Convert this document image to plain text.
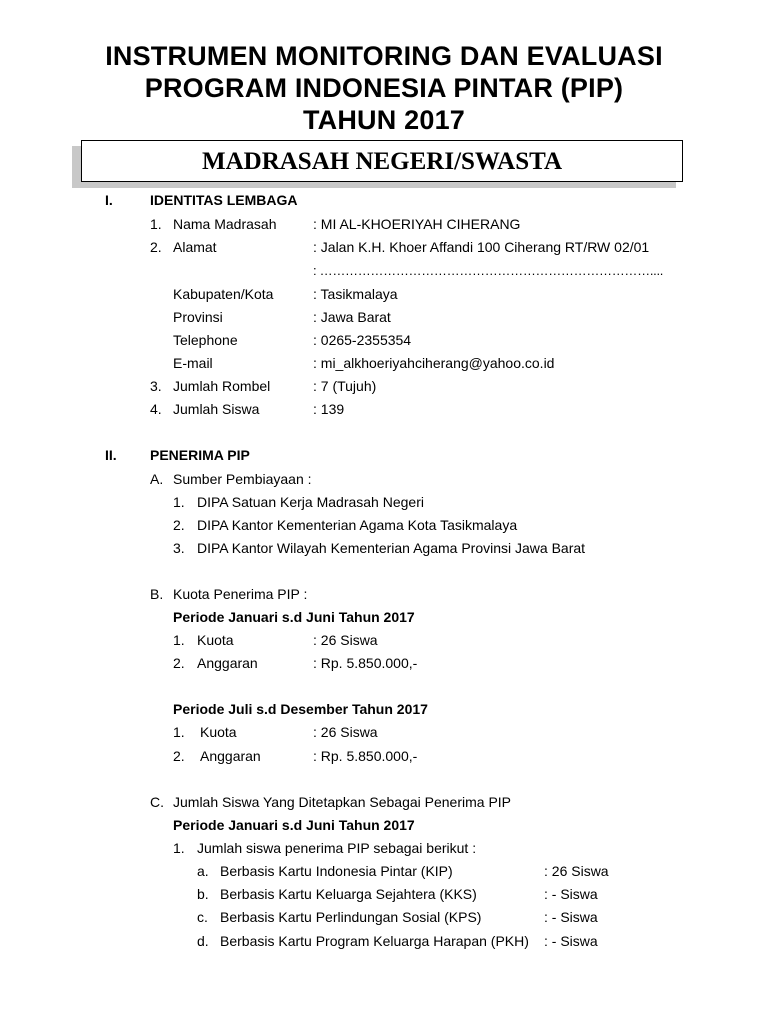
INSTRUMEN MONITORING DAN EVALUASI
PROGRAM INDONESIA PINTAR (PIP)
TAHUN 2017
MADRASAH NEGERI/SWASTA
I.	IDENTITAS LEMBAGA
1. Nama Madrasah	: MI AL-KHOERIYAH CIHERANG
2. Alamat	: Jalan K.H. Khoer Affandi 100 Ciherang RT/RW 02/01
: ……………………………………………………………………....
Kabupaten/Kota	: Tasikmalaya
Provinsi	: Jawa Barat
Telephone	: 0265-2355354
E-mail	: mi_alkhoeriyahciherang@yahoo.co.id
3. Jumlah Rombel	: 7 (Tujuh)
4. Jumlah Siswa	: 139
II. PENERIMA PIP
A. Sumber Pembiayaan :
1. DIPA Satuan Kerja Madrasah Negeri
2. DIPA Kantor Kementerian Agama Kota Tasikmalaya
3. DIPA Kantor Wilayah Kementerian Agama Provinsi Jawa Barat
B. Kuota Penerima PIP :
Periode Januari s.d Juni Tahun 2017
1. Kuota	: 26 Siswa
2. Anggaran	: Rp. 5.850.000,-
Periode Juli s.d Desember Tahun 2017
1. Kuota	: 26 Siswa
2. Anggaran	: Rp. 5.850.000,-
C. Jumlah Siswa Yang Ditetapkan Sebagai Penerima PIP
Periode Januari s.d Juni Tahun 2017
1. Jumlah siswa penerima PIP sebagai berikut :
a. Berbasis Kartu Indonesia Pintar (KIP)	: 26 Siswa
b. Berbasis Kartu Keluarga Sejahtera (KKS)	: - Siswa
c. Berbasis Kartu Perlindungan Sosial (KPS)	: - Siswa
d. Berbasis Kartu Program Keluarga Harapan (PKH) : - Siswa
